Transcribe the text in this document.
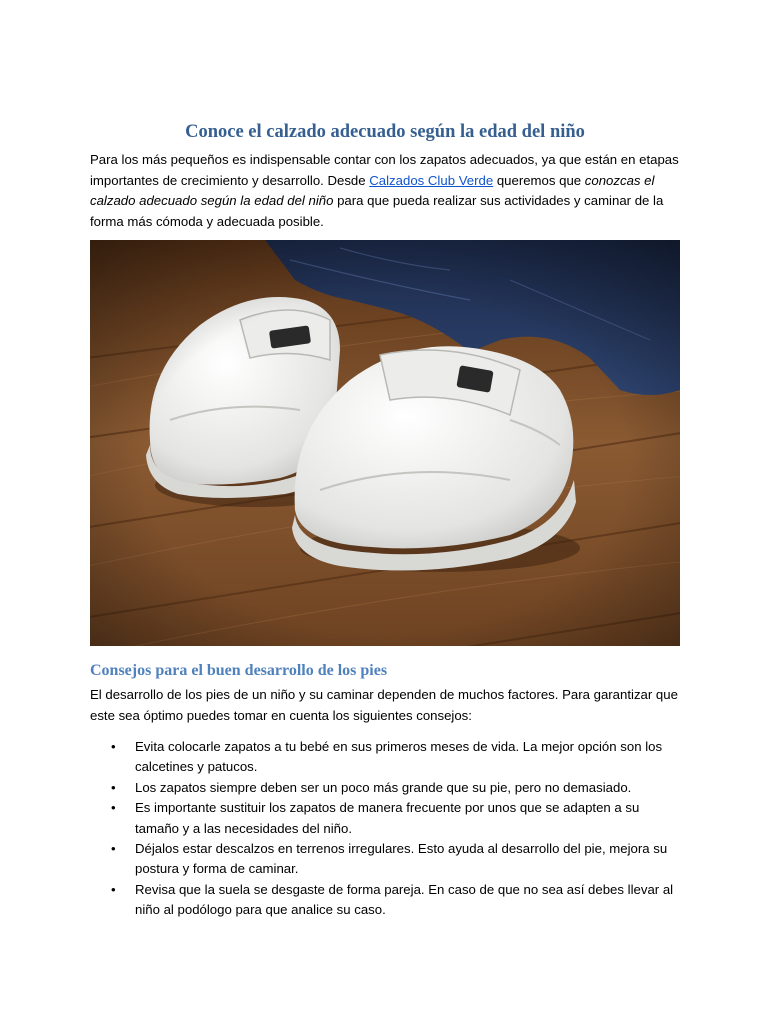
Conoce el calzado adecuado según la edad del niño

Para los más pequeños es indispensable contar con los zapatos adecuados, ya que están en etapas importantes de crecimiento y desarrollo. Desde Calzados Club Verde queremos que conozcas el calzado adecuado según la edad del niño para que pueda realizar sus actividades y caminar de la forma más cómoda y adecuada posible.

Consejos para el buen desarrollo de los pies

El desarrollo de los pies de un niño y su caminar dependen de muchos factores. Para garantizar que este sea óptimo puedes tomar en cuenta los siguientes consejos:

• Evita colocarle zapatos a tu bebé en sus primeros meses de vida. La mejor opción son los calcetines y patucos.
• Los zapatos siempre deben ser un poco más grande que su pie, pero no demasiado.
• Es importante sustituir los zapatos de manera frecuente por unos que se adapten a su tamaño y a las necesidades del niño.
• Déjalos estar descalzos en terrenos irregulares. Esto ayuda al desarrollo del pie, mejora su postura y forma de caminar.
• Revisa que la suela se desgaste de forma pareja. En caso de que no sea así debes llevar al niño al podólogo para que analice su caso.
